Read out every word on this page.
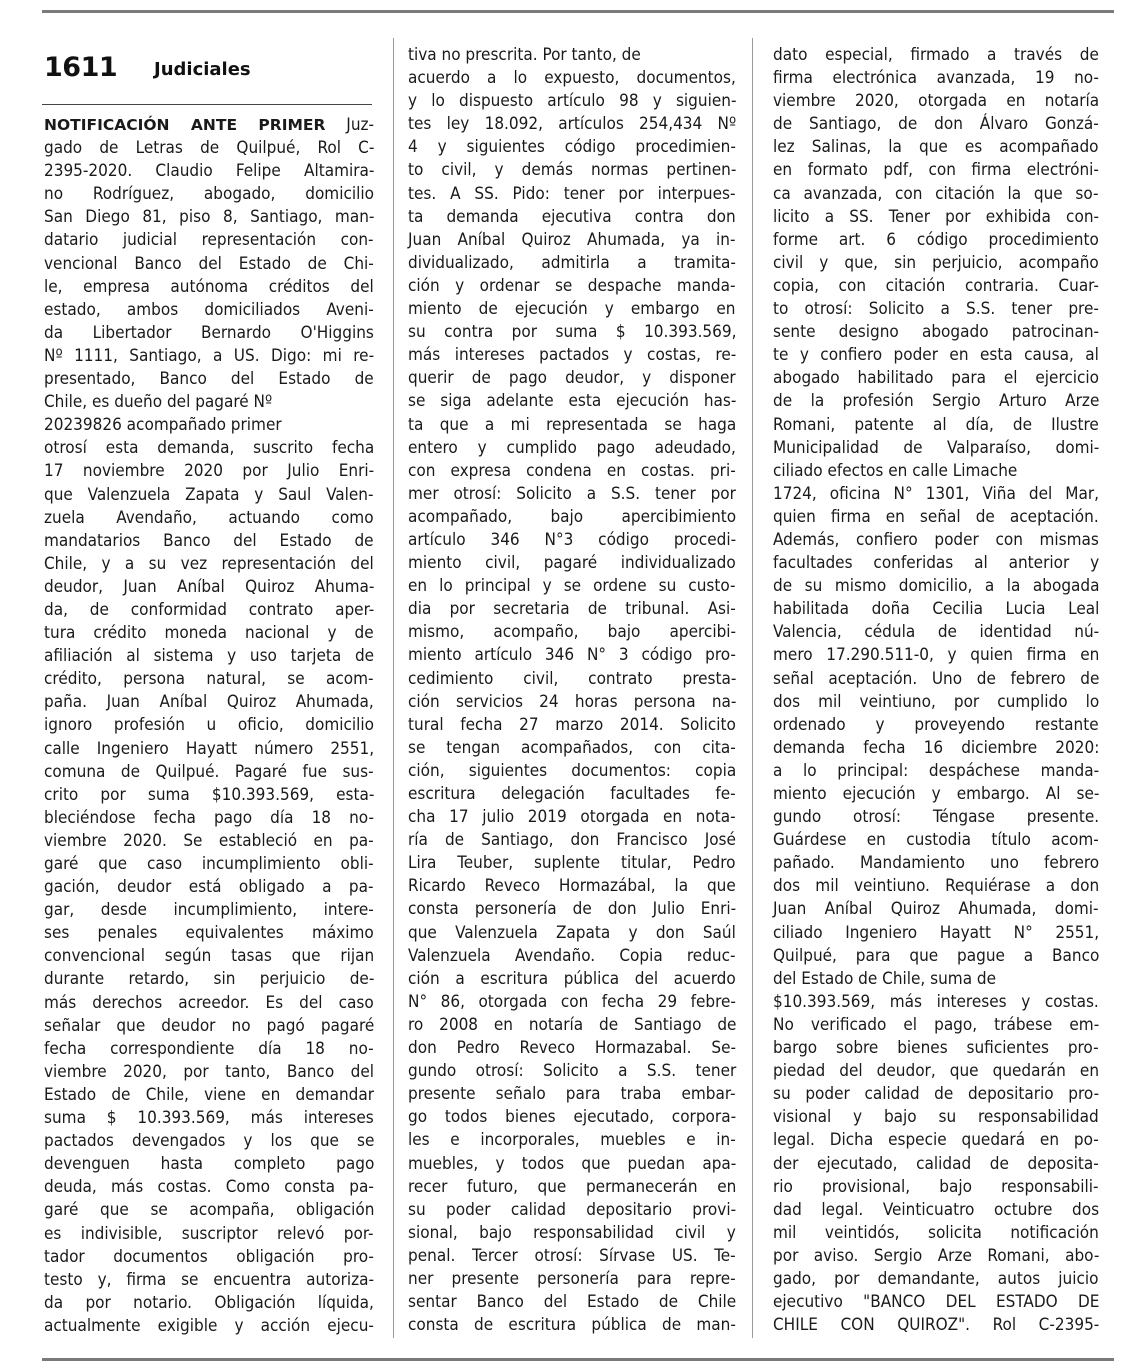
1611 Judiciales
NOTIFICACIÓN ANTE PRIMER Juz-
gado de Letras de Quilpué, Rol C-
2395-2020. Claudio Felipe Altamira-
no Rodríguez, abogado, domicilio
San Diego 81, piso 8, Santiago, man-
datario judicial representación con-
vencional Banco del Estado de Chi-
le, empresa autónoma créditos del
estado, ambos domiciliados Aveni-
da Libertador Bernardo O'Higgins
Nº 1111, Santiago, a US. Digo: mi re-
presentado, Banco del Estado de
Chile, es dueño del pagaré Nº
20239826 acompañado primer
otrosí esta demanda, suscrito fecha
17 noviembre 2020 por Julio Enri-
que Valenzuela Zapata y Saul Valen-
zuela Avendaño, actuando como
mandatarios Banco del Estado de
Chile, y a su vez representación del
deudor, Juan Aníbal Quiroz Ahuma-
da, de conformidad contrato aper-
tura crédito moneda nacional y de
afiliación al sistema y uso tarjeta de
crédito, persona natural, se acom-
paña. Juan Aníbal Quiroz Ahumada,
ignoro profesión u oficio, domicilio
calle Ingeniero Hayatt número 2551,
comuna de Quilpué. Pagaré fue sus-
crito por suma $10.393.569, esta-
bleciéndose fecha pago día 18 no-
viembre 2020. Se estableció en pa-
garé que caso incumplimiento obli-
gación, deudor está obligado a pa-
gar, desde incumplimiento, intere-
ses penales equivalentes máximo
convencional según tasas que rijan
durante retardo, sin perjuicio de-
más derechos acreedor. Es del caso
señalar que deudor no pagó pagaré
fecha correspondiente día 18 no-
viembre 2020, por tanto, Banco del
Estado de Chile, viene en demandar
suma $ 10.393.569, más intereses
pactados devengados y los que se
devenguen hasta completo pago
deuda, más costas. Como consta pa-
garé que se acompaña, obligación
es indivisible, suscriptor relevó por-
tador documentos obligación pro-
testo y, firma se encuentra autoriza-
da por notario. Obligación líquida,
actualmente exigible y acción ejecu-
tiva no prescrita. Por tanto, de
acuerdo a lo expuesto, documentos,
y lo dispuesto artículo 98 y siguien-
tes ley 18.092, artículos 254,434 Nº
4 y siguientes código procedimien-
to civil, y demás normas pertinen-
tes. A SS. Pido: tener por interpues-
ta demanda ejecutiva contra don
Juan Aníbal Quiroz Ahumada, ya in-
dividualizado, admitirla a tramita-
ción y ordenar se despache manda-
miento de ejecución y embargo en
su contra por suma $ 10.393.569,
más intereses pactados y costas, re-
querir de pago deudor, y disponer
se siga adelante esta ejecución has-
ta que a mi representada se haga
entero y cumplido pago adeudado,
con expresa condena en costas. pri-
mer otrosí: Solicito a S.S. tener por
acompañado, bajo apercibimiento
artículo 346 N°3 código procedi-
miento civil, pagaré individualizado
en lo principal y se ordene su custo-
dia por secretaria de tribunal. Asi-
mismo, acompaño, bajo apercibi-
miento artículo 346 N° 3 código pro-
cedimiento civil, contrato presta-
ción servicios 24 horas persona na-
tural fecha 27 marzo 2014. Solicito
se tengan acompañados, con cita-
ción, siguientes documentos: copia
escritura delegación facultades fe-
cha 17 julio 2019 otorgada en nota-
ría de Santiago, don Francisco José
Lira Teuber, suplente titular, Pedro
Ricardo Reveco Hormazábal, la que
consta personería de don Julio Enri-
que Valenzuela Zapata y don Saúl
Valenzuela Avendaño. Copia reduc-
ción a escritura pública del acuerdo
N° 86, otorgada con fecha 29 febre-
ro 2008 en notaría de Santiago de
don Pedro Reveco Hormazabal. Se-
gundo otrosí: Solicito a S.S. tener
presente señalo para traba embar-
go todos bienes ejecutado, corpora-
les e incorporales, muebles e in-
muebles, y todos que puedan apa-
recer futuro, que permanecerán en
su poder calidad depositario provi-
sional, bajo responsabilidad civil y
penal. Tercer otrosí: Sírvase US. Te-
ner presente personería para repre-
sentar Banco del Estado de Chile
consta de escritura pública de man-
dato especial, firmado a través de
firma electrónica avanzada, 19 no-
viembre 2020, otorgada en notaría
de Santiago, de don Álvaro Gonzá-
lez Salinas, la que es acompañado
en formato pdf, con firma electróni-
ca avanzada, con citación la que so-
licito a SS. Tener por exhibida con-
forme art. 6 código procedimiento
civil y que, sin perjuicio, acompaño
copia, con citación contraria. Cuar-
to otrosí: Solicito a S.S. tener pre-
sente designo abogado patrocinan-
te y confiero poder en esta causa, al
abogado habilitado para el ejercicio
de la profesión Sergio Arturo Arze
Romani, patente al día, de Ilustre
Municipalidad de Valparaíso, domi-
ciliado efectos en calle Limache
1724, oficina N° 1301, Viña del Mar,
quien firma en señal de aceptación.
Además, confiero poder con mismas
facultades conferidas al anterior y
de su mismo domicilio, a la abogada
habilitada doña Cecilia Lucia Leal
Valencia, cédula de identidad nú-
mero 17.290.511-0, y quien firma en
señal aceptación. Uno de febrero de
dos mil veintiuno, por cumplido lo
ordenado y proveyendo restante
demanda fecha 16 diciembre 2020:
a lo principal: despáchese manda-
miento ejecución y embargo. Al se-
gundo otrosí: Téngase presente.
Guárdese en custodia título acom-
pañado. Mandamiento uno febrero
dos mil veintiuno. Requiérase a don
Juan Aníbal Quiroz Ahumada, domi-
ciliado Ingeniero Hayatt N° 2551,
Quilpué, para que pague a Banco
del Estado de Chile, suma de
$10.393.569, más intereses y costas.
No verificado el pago, trábese em-
bargo sobre bienes suficientes pro-
piedad del deudor, que quedarán en
su poder calidad de depositario pro-
visional y bajo su responsabilidad
legal. Dicha especie quedará en po-
der ejecutado, calidad de deposita-
rio provisional, bajo responsabili-
dad legal. Veinticuatro octubre dos
mil veintidós, solicita notificación
por aviso. Sergio Arze Romani, abo-
gado, por demandante, autos juicio
ejecutivo "BANCO DEL ESTADO DE
CHILE CON QUIROZ". Rol C-2395-
